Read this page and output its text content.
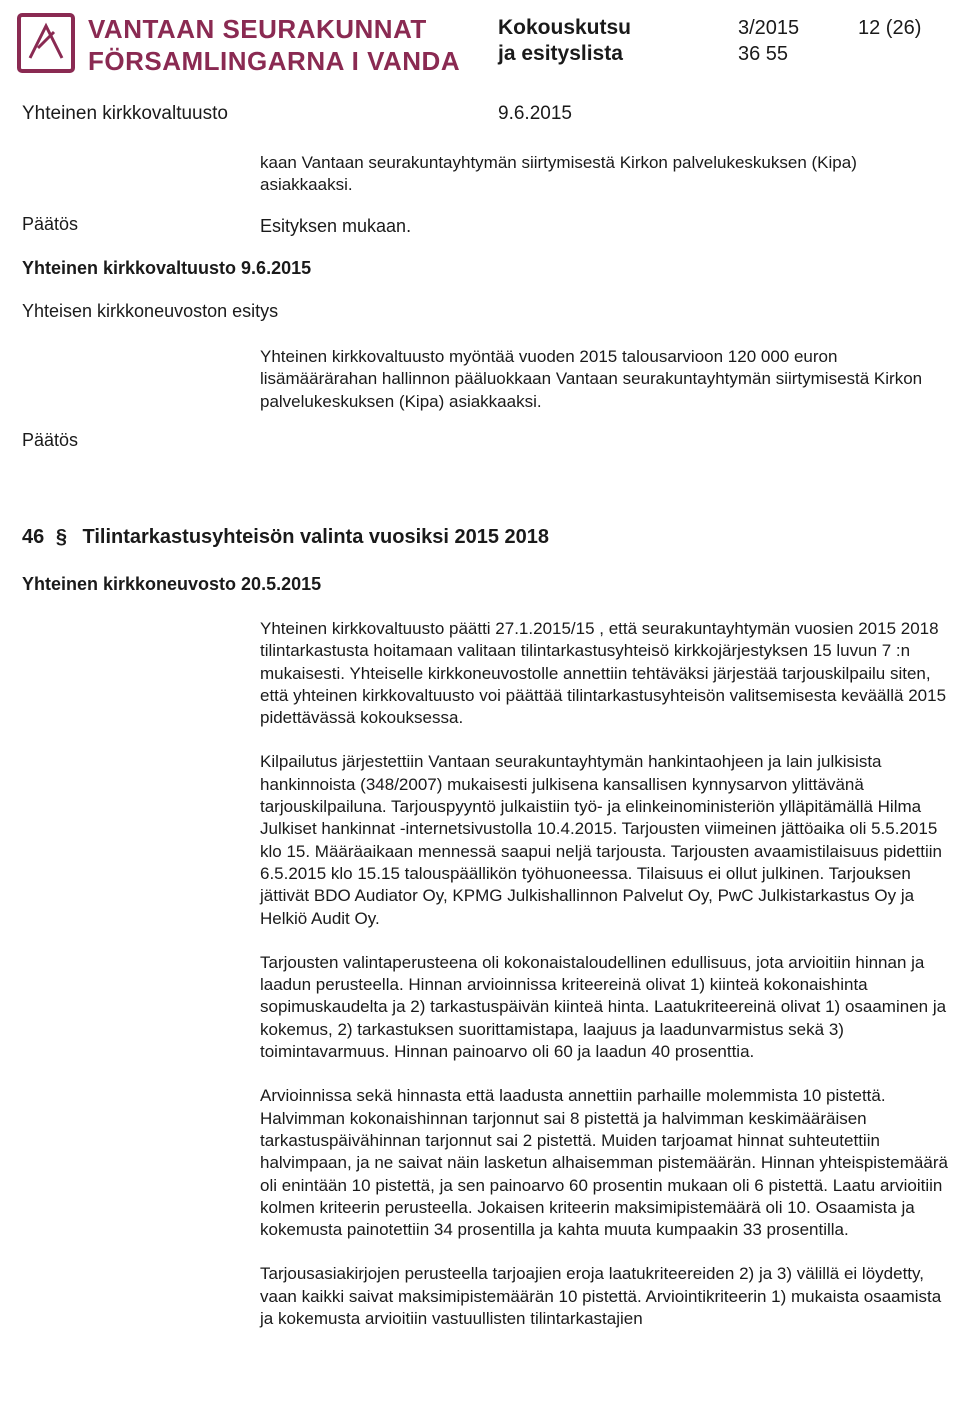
VANTAAN SEURAKUNNAT
FÖRSAMLINGARNA I VANDA
Kokouskutsu
ja esityslista
3/2015	12 (26)
36 55
Yhteinen kirkkovaltuusto	9.6.2015
kaan Vantaan seurakuntayhtymän siirtymisestä Kirkon palvelukeskuksen (Kipa) asiakkaaksi.
Päätös	Esityksen mukaan.
Yhteinen kirkkovaltuusto 9.6.2015
Yhteisen kirkkoneuvoston esitys
Yhteinen kirkkovaltuusto myöntää vuoden 2015 talousarvioon 120 000 euron lisämäärärahan hallinnon pääluokkaan Vantaan seurakuntayhtymän siirtymisestä Kirkon palvelukeskuksen (Kipa) asiakkaaksi.
Päätös
46 § Tilintarkastusyhteisön valinta vuosiksi 2015 2018
Yhteinen kirkkoneuvosto 20.5.2015

Yhteinen kirkkovaltuusto päätti 27.1.2015/15 , että seurakuntayhtymän vuosien 2015 2018 tilintarkastusta hoitamaan valitaan tilintarkastusyhteisö kirkkojärjestyksen 15 luvun 7 :n mukaisesti. Yhteiselle kirkkoneuvostolle annettiin tehtäväksi järjestää tarjouskilpailu siten, että yhteinen kirkkovaltuusto voi päättää tilintarkastusyhteisön valitsemisesta keväällä 2015 pidettävässä kokouksessa.

Kilpailutus järjestettiin Vantaan seurakuntayhtymän hankintaohjeen ja lain julkisista hankinnoista (348/2007) mukaisesti julkisena kansallisen kynnysarvon ylittävänä tarjouskilpailuna. Tarjouspyyntö julkaistiin työ- ja elinkeinoministeriön ylläpitämällä Hilma Julkiset hankinnat -internetsivustolla 10.4.2015. Tarjousten viimeinen jättöaika oli 5.5.2015 klo 15. Määräaikaan mennessä saapui neljä tarjousta. Tarjousten avaamistilaisuus pidettiin 6.5.2015 klo 15.15 talouspäällikön työhuoneessa. Tilaisuus ei ollut julkinen. Tarjouksen jättivät BDO Audiator Oy, KPMG Julkishallinnon Palvelut Oy, PwC Julkistarkastus Oy ja Helkiö Audit Oy.

Tarjousten valintaperusteena oli kokonaistaloudellinen edullisuus, jota arvioitiin hinnan ja laadun perusteella. Hinnan arvioinnissa kriteereinä olivat 1) kiinteä kokonaishinta sopimuskaudelta ja 2) tarkastuspäivän kiinteä hinta. Laatukriteereinä olivat 1) osaaminen ja kokemus, 2) tarkastuksen suorittamistapa, laajuus ja laadunvarmistus sekä 3) toimintavarmuus. Hinnan painoarvo oli 60 ja laadun 40 prosenttia.

Arvioinnissa sekä hinnasta että laadusta annettiin parhaille molemmista 10 pistettä. Halvimman kokonaishinnan tarjonnut sai 8 pistettä ja halvimman keskimääräisen tarkastuspäivähinnan tarjonnut sai 2 pistettä. Muiden tarjoamat hinnat suhteutettiin halvimpaan, ja ne saivat näin lasketun alhaisemman pistemäärän. Hinnan yhteispistemäärä oli enintään 10 pistettä, ja sen painoarvo 60 prosentin mukaan oli 6 pistettä. Laatu arvioitiin kolmen kriteerin perusteella. Jokaisen kriteerin maksimipistemäärä oli 10. Osaamista ja kokemusta painotettiin 34 prosentilla ja kahta muuta kumpaakin 33 prosentilla.

Tarjousasiakirjojen perusteella tarjoajien eroja laatukriteereiden 2) ja 3) välillä ei löydetty, vaan kaikki saivat maksimipistemäärän 10 pistettä. Arviointikriteerin 1) mukaista osaamista ja kokemusta arvioitiin vastuullisten tilintarkastajien
